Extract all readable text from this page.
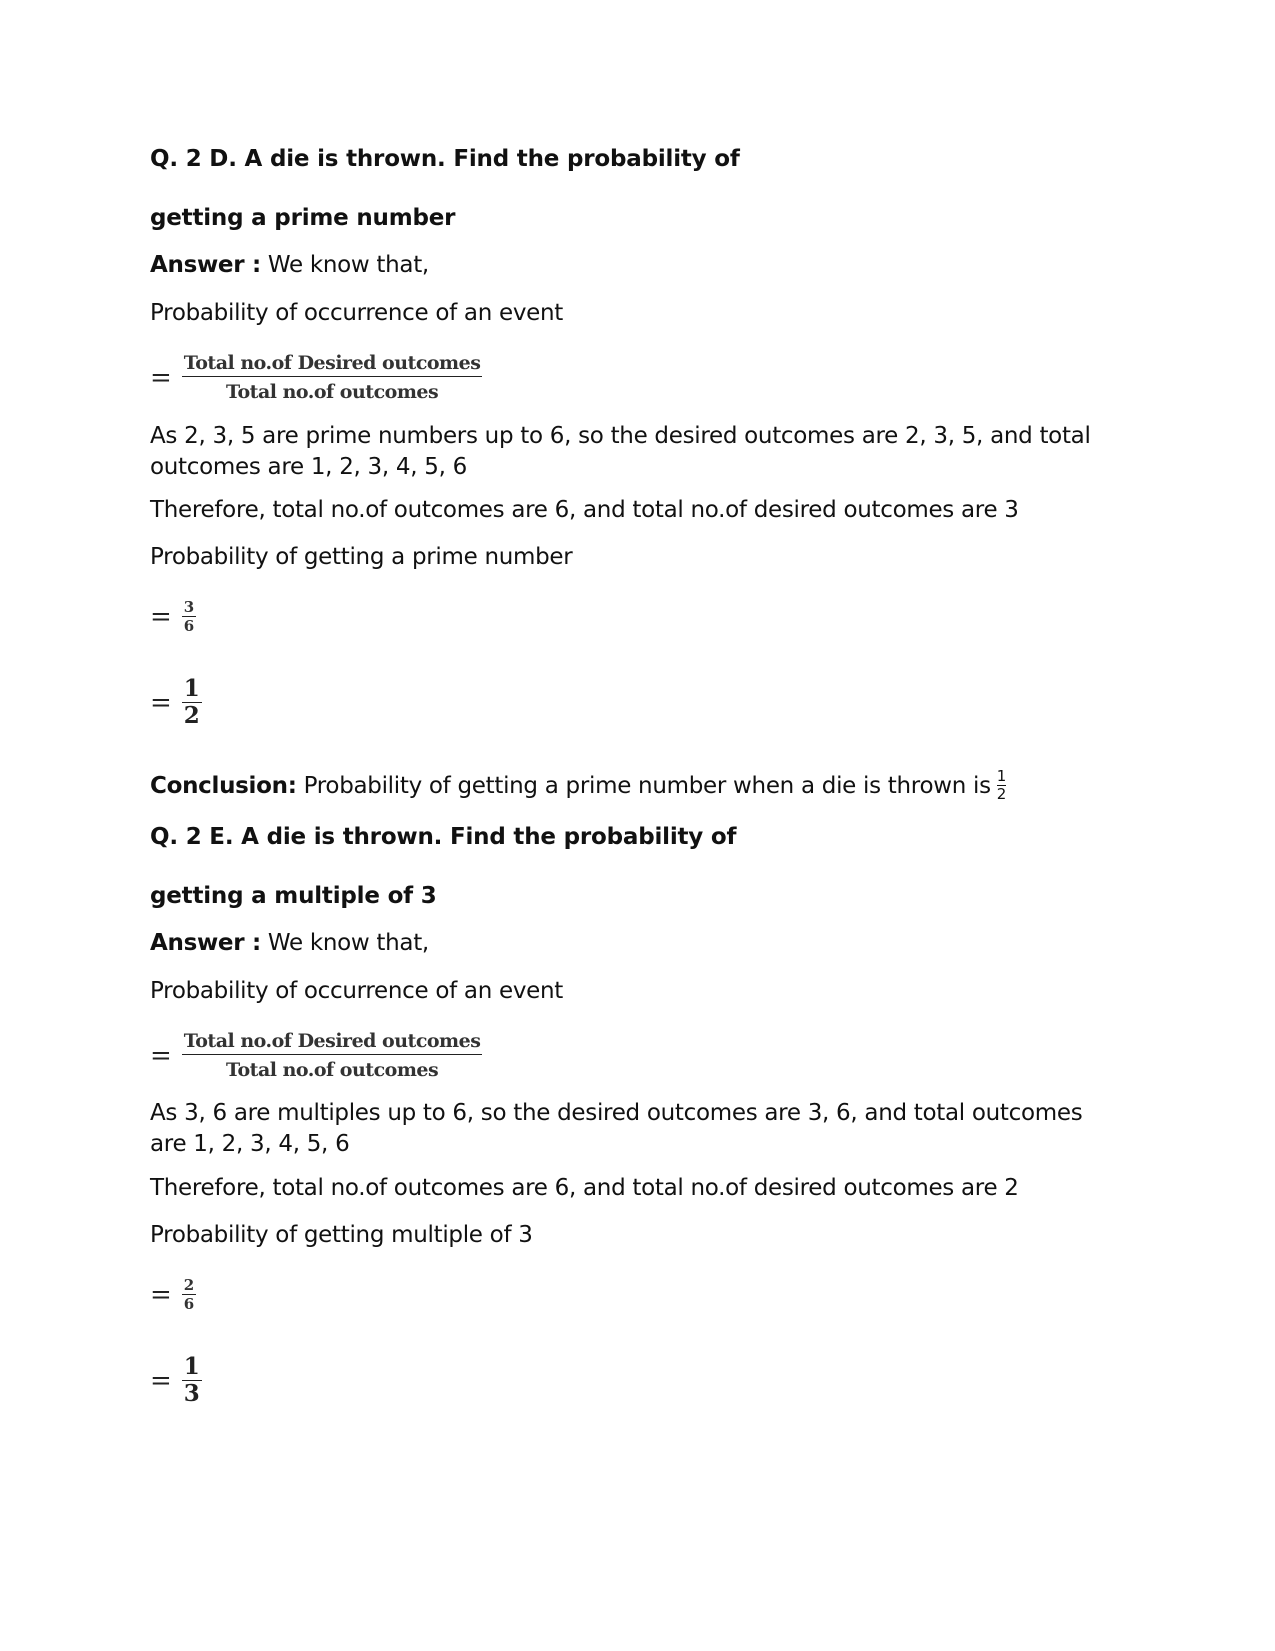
Q. 2 D. A die is thrown. Find the probability of
getting a prime number
Answer : We know that,
Probability of occurrence of an event
= $\frac{\text{Total no.of Desired outcomes}}{\text{Total no.of outcomes}}$
As 2, 3, 5 are prime numbers up to 6, so the desired outcomes are 2, 3, 5, and total outcomes are 1, 2, 3, 4, 5, 6
Therefore, total no.of outcomes are 6, and total no.of desired outcomes are 3
Probability of getting a prime number
= $\frac{3}{6}$
= $\frac{1}{2}$
Conclusion: Probability of getting a prime number when a die is thrown is 1
2
Q. 2 E. A die is thrown. Find the probability of
getting a multiple of 3
Answer : We know that,
Probability of occurrence of an event
= $\frac{\text{Total no.of Desired outcomes}}{\text{Total no.of outcomes}}$
As 3, 6 are multiples up to 6, so the desired outcomes are 3, 6, and total outcomes are 1, 2, 3, 4, 5, 6
Therefore, total no.of outcomes are 6, and total no.of desired outcomes are 2
Probability of getting multiple of 3
= $\frac{2}{6}$
= $\frac{1}{3}$
